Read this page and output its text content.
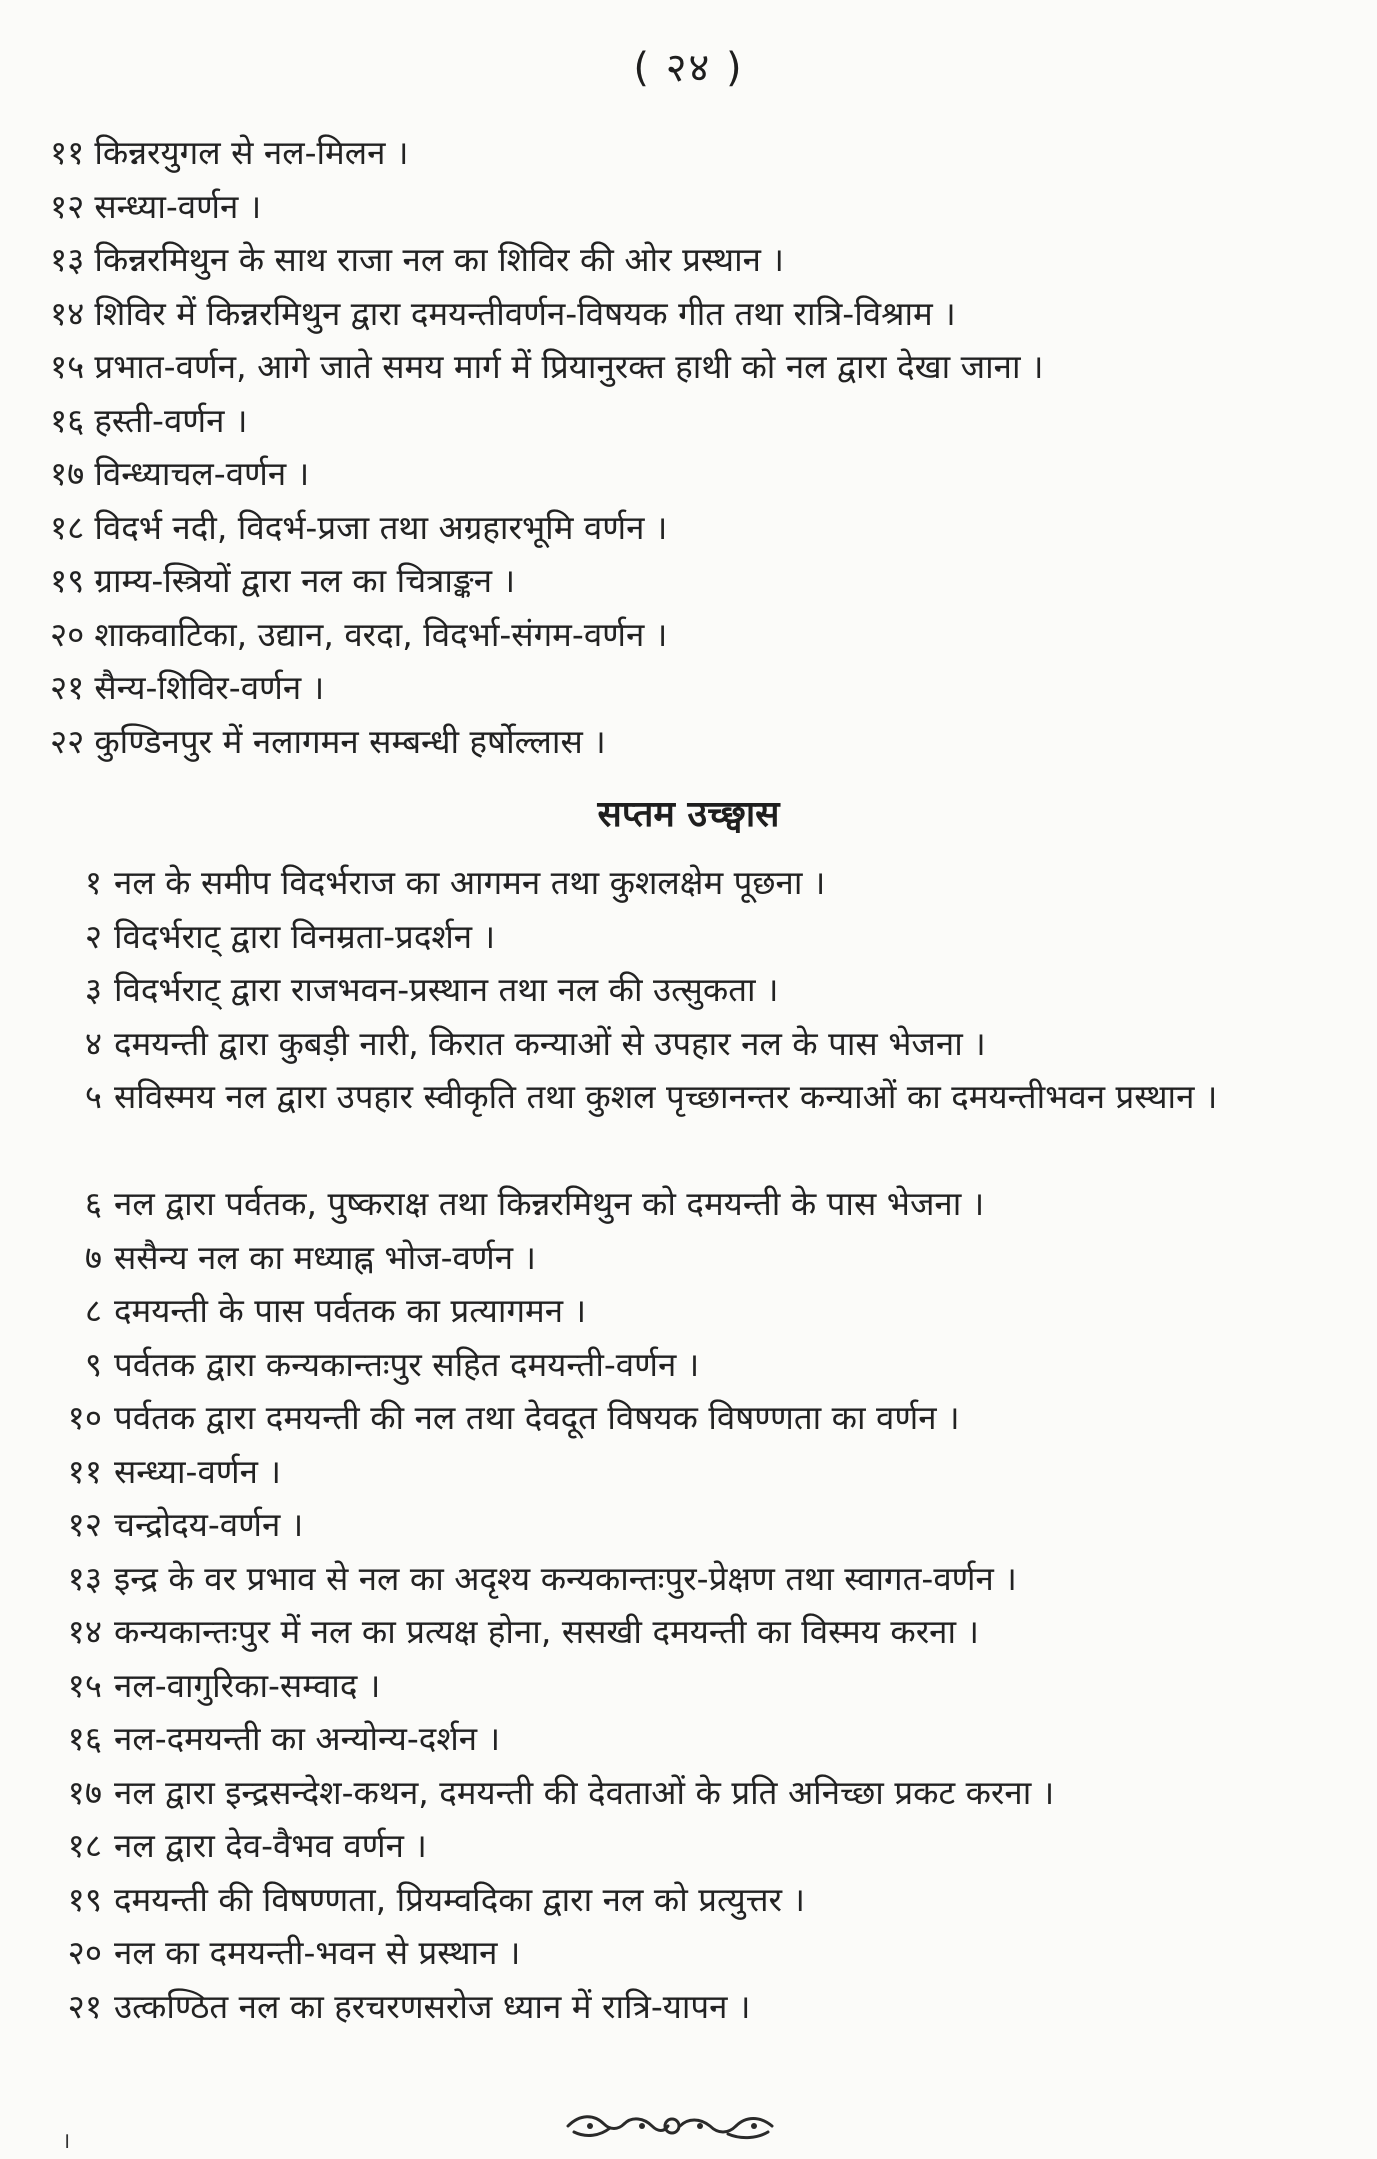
( २४ )
११ किन्नरयुगल से नल-मिलन ।
१२ सन्ध्या-वर्णन ।
१३ किन्नरमिथुन के साथ राजा नल का शिविर की ओर प्रस्थान ।
१४ शिविर में किन्नरमिथुन द्वारा दमयन्तीवर्णन-विषयक गीत तथा रात्रि-विश्राम ।
१५ प्रभात-वर्णन, आगे जाते समय मार्ग में प्रियानुरक्त हाथी को नल द्वारा देखा जाना ।
१६ हस्ती-वर्णन ।
१७ विन्ध्याचल-वर्णन ।
१८ विदर्भ नदी, विदर्भ-प्रजा तथा अग्रहारभूमि वर्णन ।
१९ ग्राम्य-स्त्रियों द्वारा नल का चित्राङ्कन ।
२० शाकवाटिका, उद्यान, वरदा, विदर्भा-संगम-वर्णन ।
२१ सैन्य-शिविर-वर्णन ।
२२ कुण्डिनपुर में नलागमन सम्बन्धी हर्षोल्लास ।
सप्तम उच्छ्वास
१ नल के समीप विदर्भराज का आगमन तथा कुशलक्षेम पूछना ।
२ विदर्भराट् द्वारा विनम्रता-प्रदर्शन ।
३ विदर्भराट् द्वारा राजभवन-प्रस्थान तथा नल की उत्सुकता ।
४ दमयन्ती द्वारा कुबड़ी नारी, किरात कन्याओं से उपहार नल के पास भेजना ।
५ सविस्मय नल द्वारा उपहार स्वीकृति तथा कुशल पृच्छानन्तर कन्याओं का दमयन्तीभवन प्रस्थान ।
६ नल द्वारा पर्वतक, पुष्कराक्ष तथा किन्नरमिथुन को दमयन्ती के पास भेजना ।
७ ससैन्य नल का मध्याह्न भोज-वर्णन ।
८ दमयन्ती के पास पर्वतक का प्रत्यागमन ।
९ पर्वतक द्वारा कन्यकान्तःपुर सहित दमयन्ती-वर्णन ।
१० पर्वतक द्वारा दमयन्ती की नल तथा देवदूत विषयक विषण्णता का वर्णन ।
११ सन्ध्या-वर्णन ।
१२ चन्द्रोदय-वर्णन ।
१३ इन्द्र के वर प्रभाव से नल का अदृश्य कन्यकान्तःपुर-प्रेक्षण तथा स्वागत-वर्णन ।
१४ कन्यकान्तःपुर में नल का प्रत्यक्ष होना, ससखी दमयन्ती का विस्मय करना ।
१५ नल-वागुरिका-सम्वाद ।
१६ नल-दमयन्ती का अन्योन्य-दर्शन ।
१७ नल द्वारा इन्द्रसन्देश-कथन, दमयन्ती की देवताओं के प्रति अनिच्छा प्रकट करना ।
१८ नल द्वारा देव-वैभव वर्णन ।
१९ दमयन्ती की विषण्णता, प्रियम्वदिका द्वारा नल को प्रत्युत्तर ।
२० नल का दमयन्ती-भवन से प्रस्थान ।
२१ उत्कण्ठित नल का हरचरणसरोज ध्यान में रात्रि-यापन ।
।
